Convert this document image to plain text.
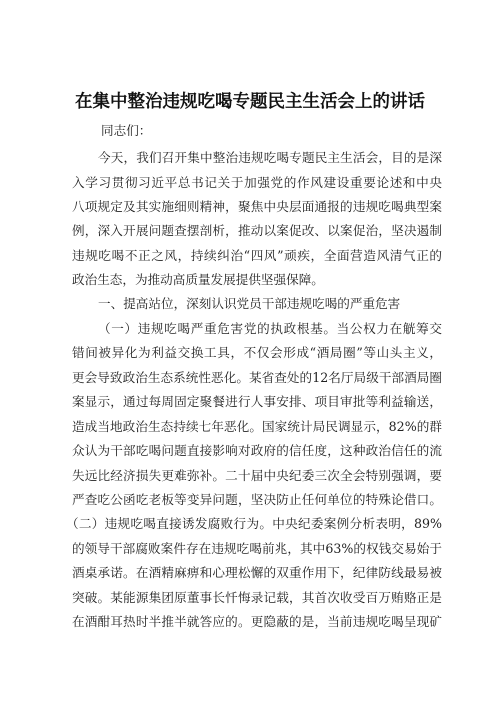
在集中整治违规吃喝专题民主生活会上的讲话
同志们：
今天，我们召开集中整治违规吃喝专题民主生活会，目的是深
入学习贯彻习近平总书记关于加强党的作风建设重要论述和中央
八项规定及其实施细则精神，聚焦中央层面通报的违规吃喝典型案
例，深入开展问题查摆剖析，推动以案促改、以案促治，坚决遏制
违规吃喝不正之风，持续纠治“四风”顽疾，全面营造风清气正的
政治生态，为推动高质量发展提供坚强保障。
一、提高站位，深刻认识党员干部违规吃喝的严重危害
（一）违规吃喝严重危害党的执政根基。当公权力在觥筹交
错间被异化为利益交换工具，不仅会形成“酒局圈”等山头主义，
更会导致政治生态系统性恶化。某省查处的12名厅局级干部酒局圈
案显示，通过每周固定聚餐进行人事安排、项目审批等利益输送，
造成当地政治生态持续七年恶化。国家统计局民调显示，82%的群
众认为干部吃喝问题直接影响对政府的信任度，这种政治信任的流
失远比经济损失更难弥补。二十届中央纪委三次全会特别强调，要
严查吃公函吃老板等变异问题，坚决防止任何单位的特殊论借口。
（二）违规吃喝直接诱发腐败行为。中央纪委案例分析表明，89%
的领导干部腐败案件存在违规吃喝前兆，其中63%的权钱交易始于
酒桌承诺。在酒精麻痹和心理松懈的双重作用下，纪律防线最易被
突破。某能源集团原董事长忏悔录记载，其首次收受百万贿赂正是
在酒酣耳热时半推半就答应的。更隐蔽的是，当前违规吃喝呈现矿
